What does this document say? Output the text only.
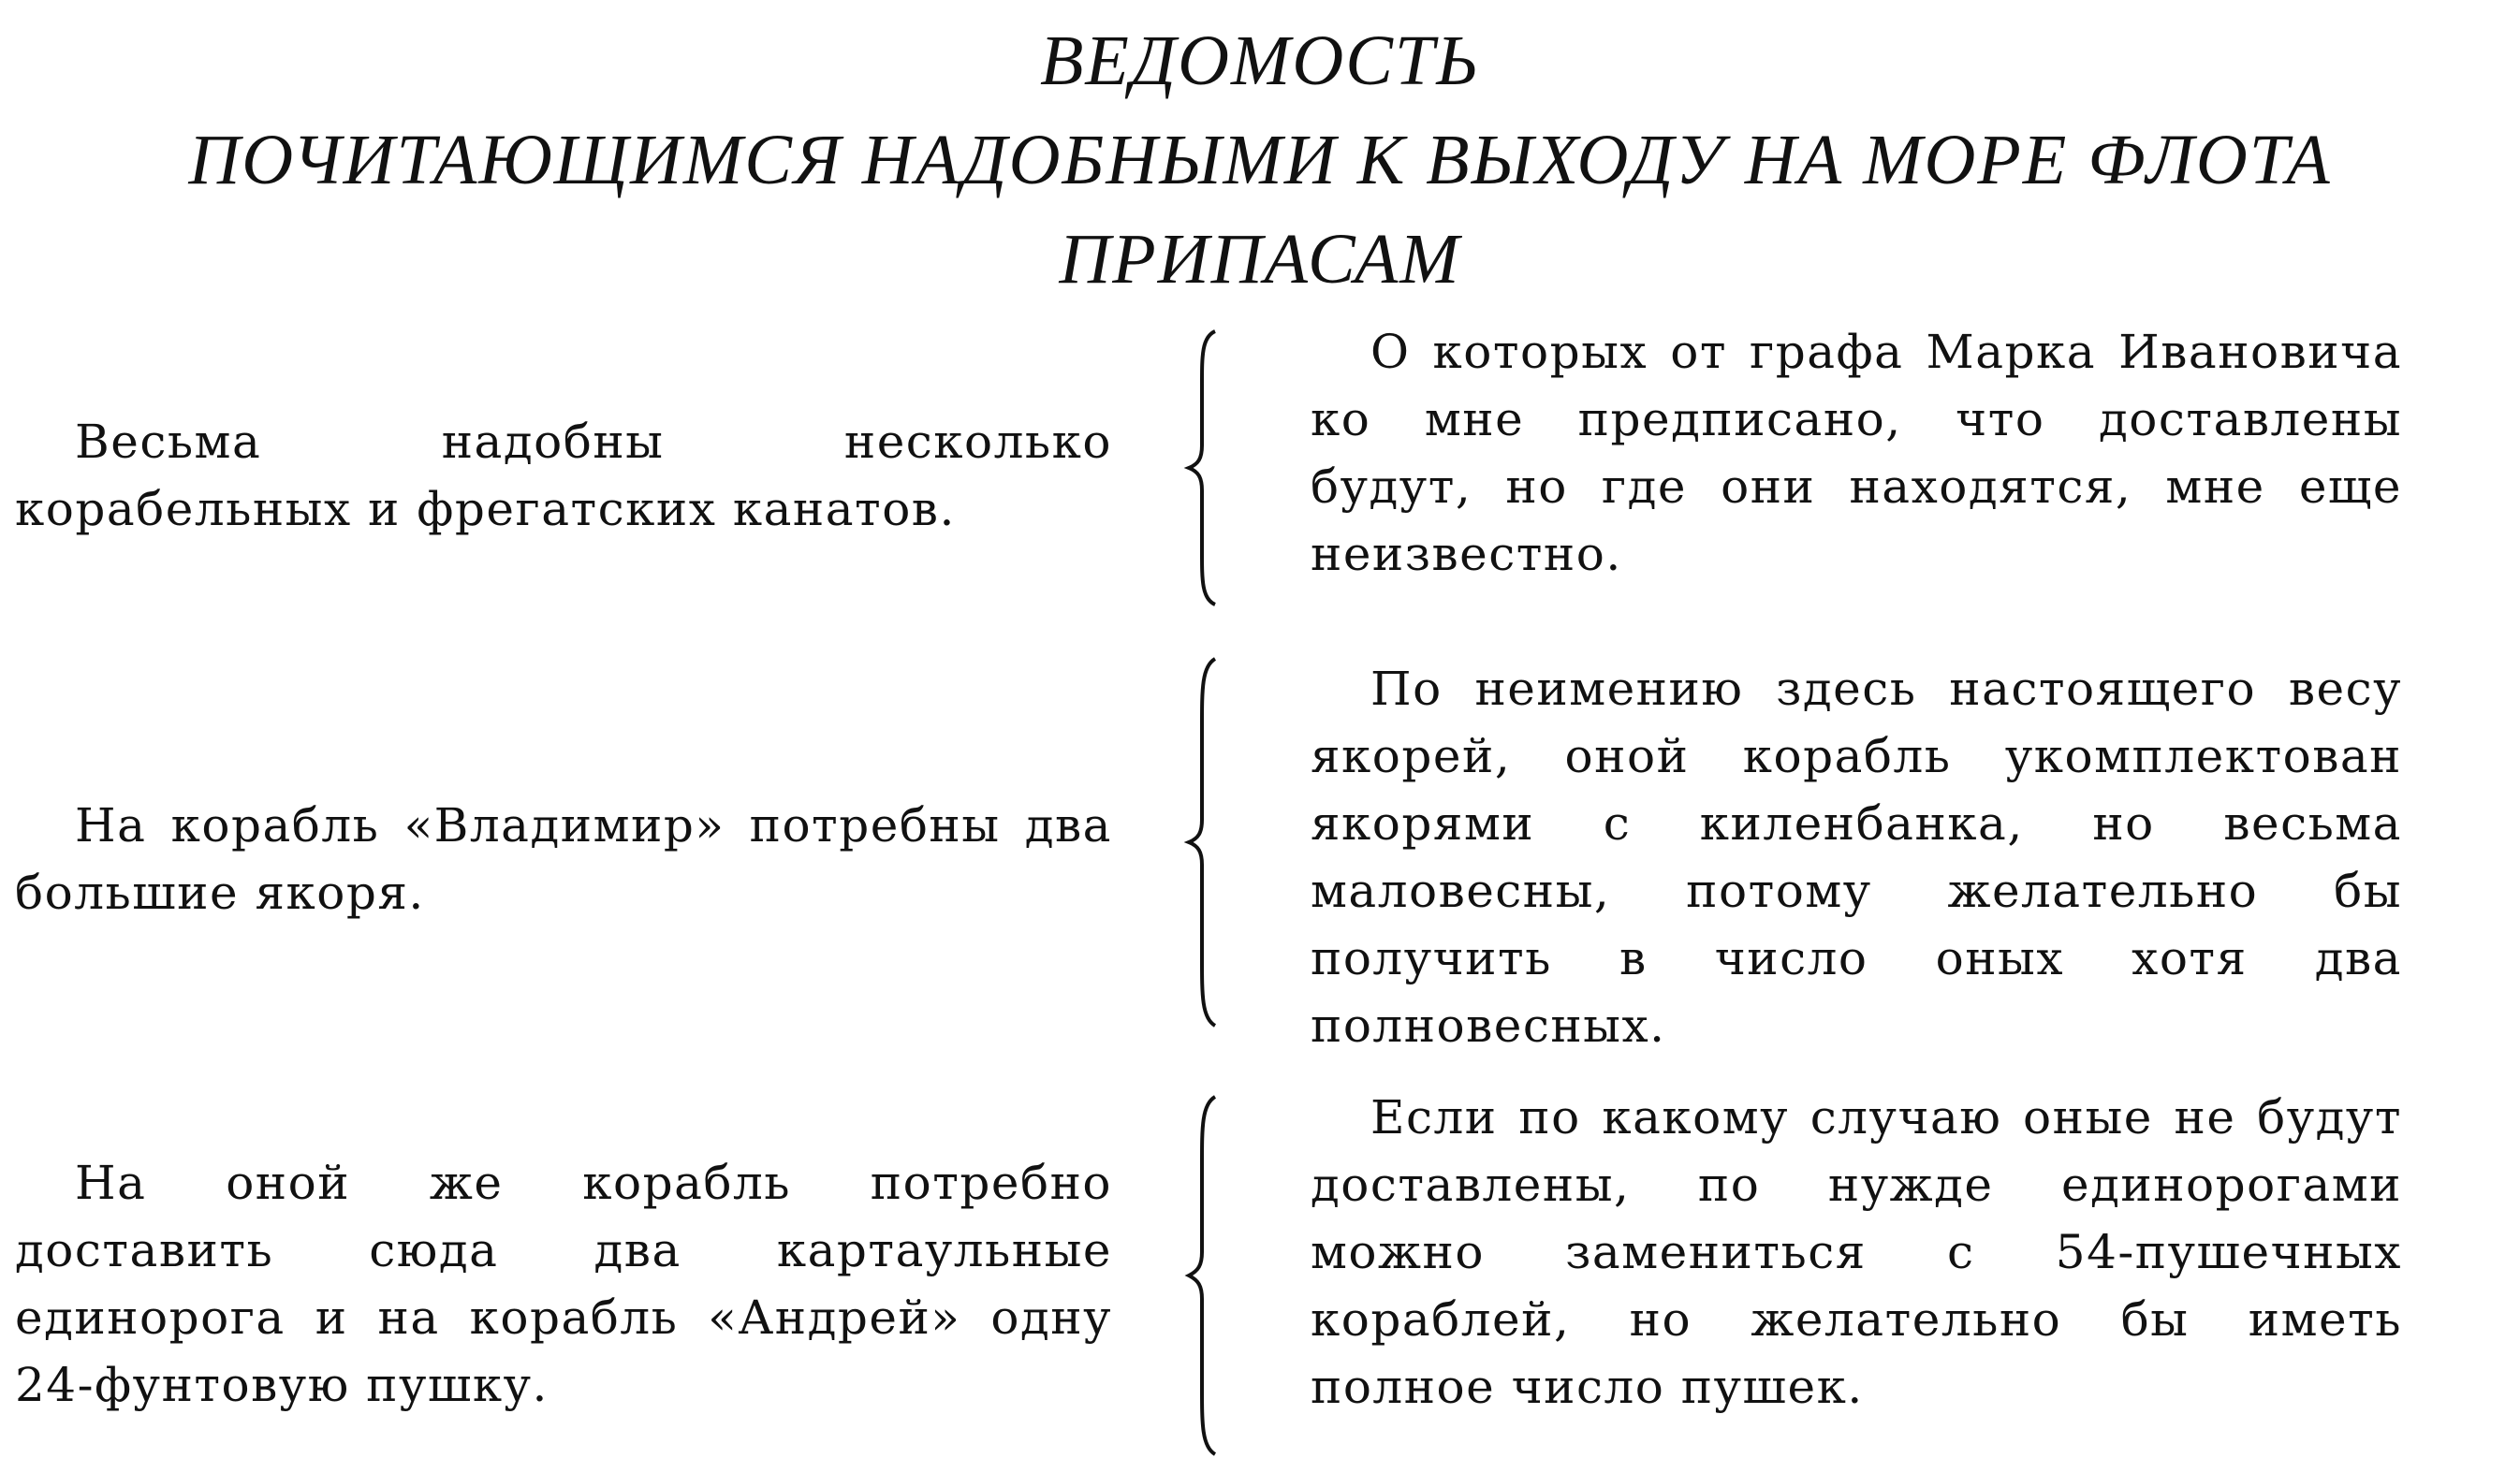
ВЕДОМОСТЬ
ПОЧИТАЮЩИМСЯ НАДОБНЫМИ К ВЫХОДУ НА МОРЕ ФЛОТА
ПРИПАСАМ

Весьма надобны несколько корабельных и фрегатских канатов.

О которых от графа Марка Ивановича ко мне предписано, что доставлены будут, но где они находятся, мне еще неизвестно.

На корабль «Владимир» потребны два большие якоря.

По неимению здесь настоящего весу якорей, оной корабль укомплектован якорями с киленбанка, но весьма маловесны, потому желательно бы получить в число оных хотя два полновесных.

На оной же корабль потребно доставить сюда два картаульные единорога и на корабль «Андрей» одну 24-фунтовую пушку.

Если по какому случаю оные не будут доставлены, по нужде единорогами можно замениться с 54-пушечных кораблей, но желательно бы иметь полное число пушек.
